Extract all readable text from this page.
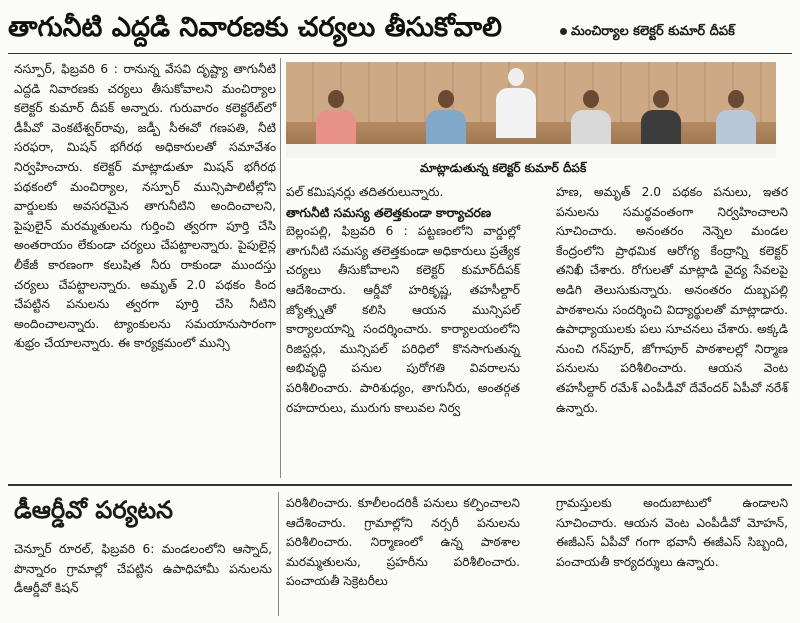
తాగునీటి ఎద్దడి నివారణకు చర్యలు తీసుకోవాలి	మంచిర్యాల కలెక్టర్ కుమార్ దీపక్

నస్పూర్, ఫిబ్రవరి 6 : రానున్న వేసవి దృష్ట్యా తాగునీటి ఎద్దడి నివారణకు చర్యలు తీసుకోవాలని మంచిర్యాల కలెక్టర్ కుమార్ దీపక్ అన్నారు. గురువారం కలెక్టరేట్‌లో డీపీవో వెంకటేశ్వర్‌రావు, జడ్పీ సీఈవో గణపతి, నీటి సరఫరా, మిషన్ భగీరథ అధికారులతో సమావేశం నిర్వహించారు. కలెక్టర్ మాట్లాడుతూ మిషన్ భగీరథ పథకంలో మంచిర్యాల, నస్పూర్ మున్సిపాలిటీల్లోని వార్డులకు అవసరమైన తాగునీటిని అందించాలని, పైపులైన్ మరమ్మతులను గుర్తించి త్వరగా పూర్తి చేసి అంతరాయం లేకుండా చర్యలు చేపట్టాలన్నారు. పైపులైన్ల లీకేజీ కారణంగా కలుషిత నీరు రాకుండా ముందస్తు చర్యలు చేపట్టాలన్నారు. అమృత్ 2.0 పథకం కింద చేపట్టిన పనులను త్వరగా పూర్తి చేసి నీటిని అందించాలన్నారు. ట్యాంకులను సమయానుసారంగా శుభ్రం చేయాలన్నారు. ఈ కార్యక్రమంలో మున్సి

మాట్లాడుతున్న కలెక్టర్ కుమార్ దీపక్

పల్ కమిషనర్లు తదితరులున్నారు.

తాగునీటి సమస్య తలెత్తకుండా కార్యాచరణ

బెల్లంపల్లి, ఫిబ్రవరి 6 : పట్టణంలోని వార్డుల్లో తాగునీటి సమస్య తలెత్తకుండా అధికారులు ప్రత్యేక చర్యలు తీసుకోవాలని కలెక్టర్ కుమార్‌దీపక్ ఆదేశించారు. ఆర్డీవో హరికృష్ణ, తహసీల్దార్ జ్యోత్స్నతో కలిసి ఆయన మున్సిపల్ కార్యాలయాన్ని సందర్శించారు. కార్యాలయంలోని రిజిస్టర్లు, మున్సిపల్ పరిధిలో కొనసాగుతున్న అభివృద్ధి పనుల పురోగతి వివరాలను పరిశీలించారు. పారిశుధ్యం, తాగునీరు, అంతర్గత రహదారులు, మురుగు కాలువల నిర్వ

హణ, అమృత్ 2.0 పథకం పనులు, ఇతర పనులను సమర్థవంతంగా నిర్వహించాలని సూచించారు. అనంతరం నెన్నెల మండల కేంద్రంలోని ప్రాథమిక ఆరోగ్య కేంద్రాన్ని కలెక్టర్ తనిఖీ చేశారు. రోగులతో మాట్లాడి వైద్య సేవలపై అడిగి తెలుసుకున్నారు. అనంతరం దుబ్బపల్లి పాఠశాలను సందర్శించి విద్యార్థులతో మాట్లాడారు. ఉపాధ్యాయులకు పలు సూచనలు చేశారు. అక్కడి నుంచి గన్‌పూర్, జోగాపూర్ పాఠశాలల్లో నిర్మాణ పనులను పరిశీలించారు. ఆయన వెంట తహసీల్దార్ రమేశ్ ఎంపీడీవో దేవేందర్ ఏపీవో నరేశ్ ఉన్నారు.

డీఆర్డీవో పర్యటన

చెన్నూర్ రూరల్, ఫిబ్రవరి 6: మండలంలోని ఆస్నాద్, పొన్నారం గ్రామాల్లో చేపట్టిన ఉపాధిహామీ పనులను డీఆర్డీవో కిషన్

పరిశీలించారు. కూలీలందరికీ పనులు కల్పించాలని ఆదేశించారు. గ్రామాల్లోని నర్సరీ పనులను పరిశీలించారు. నిర్మాణంలో ఉన్న పాఠశాల మరమ్మతులను, ప్రహరీను పరిశీలించారు. పంచాయతీ సెక్రెటరీలు

గ్రామస్తులకు అందుబాటులో ఉండాలని సూచించారు. ఆయన వెంట ఎంపీడీవో మోహన్, ఈజీఎస్ ఏపీవో గంగా భవానీ ఈజీఎస్ సిబ్బంది, పంచాయతీ కార్యదర్శులు ఉన్నారు.
